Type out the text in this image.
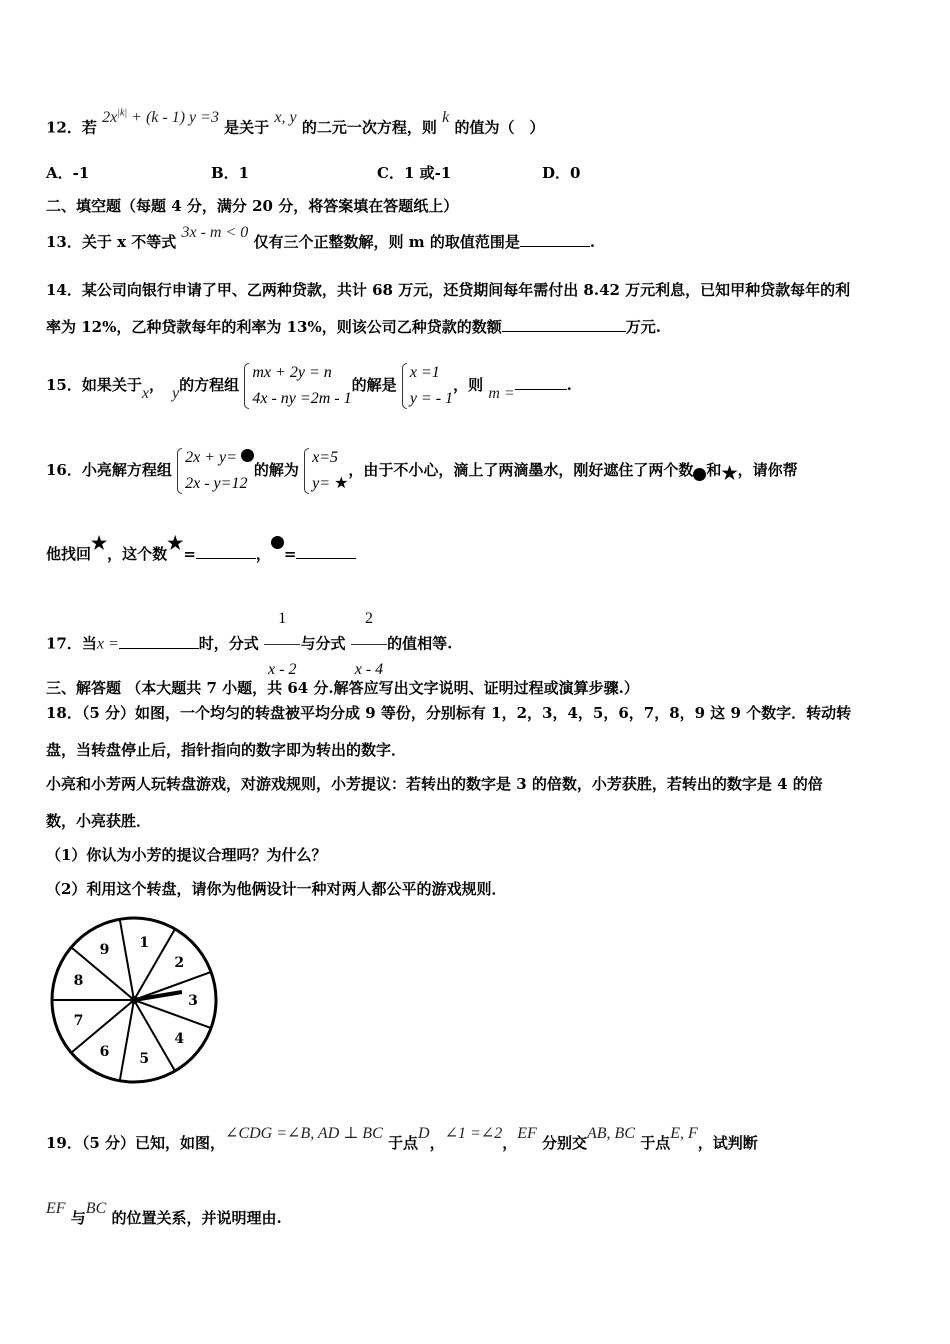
12．若 $2x^{|k|} + (k - 1)$ y =3 是关于 x, y 的二元一次方程，则 k 的值为（　）
A．-1	B．1	C．1 或-1	D．0
二、填空题（每题 4 分，满分 20 分，将答案填在答题纸上）
13．关于 x 不等式 3x - m < 0 仅有三个正整数解，则 m 的取值范围是	.
14．某公司向银行申请了甲、乙两种贷款，共计 68 万元，还贷期间每年需付出 8.42 万元利息，已知甲种贷款每年的利
率为 12%，乙种贷款每年的利率为 13%，则该公司乙种贷款的数额	万元.
15．如果关于x， y的方程组
mx + 2y = n
4x - ny =2m - 1
的解是
x =1
y = - 1
，则 m =	.
16．小亮解方程组
2x + y=
2x - y=12
的解为
x=5
y= ★
，由于不小心，滴上了两滴墨水，刚好遮住了两个数 和★，请你帮
他找回★，这个数★=	， =
17．当x =	时，分式 $\frac{1}{x - 2}$ 与分式 $\frac{2}{x - 4}$ 的值相等.
三、解答题 （本大题共 7 小题，共 64 分.解答应写出文字说明、证明过程或演算步骤.）
18．（5 分）如图，一个均匀的转盘被平均分成 9 等份，分别标有 1，2，3，4，5，6，7，8，9 这 9 个数字．转动转
盘，当转盘停止后，指针指向的数字即为转出的数字．
小亮和小芳两人玩转盘游戏，对游戏规则，小芳提议：若转出的数字是 3 的倍数，小芳获胜，若转出的数字是 4 的倍
数，小亮获胜．
（1）你认为小芳的提议合理吗？为什么？
（2）利用这个转盘，请你为他俩设计一种对两人都公平的游戏规则．
1
2
3
4
5
6
7
8
9
19．（5 分）已知，如图，∠CDG =∠B, AD ⊥ BC 于点D，∠1 =∠2，EF 分别交AB, BC 于点E, F，试判断
EF 与BC 的位置关系，并说明理由.
